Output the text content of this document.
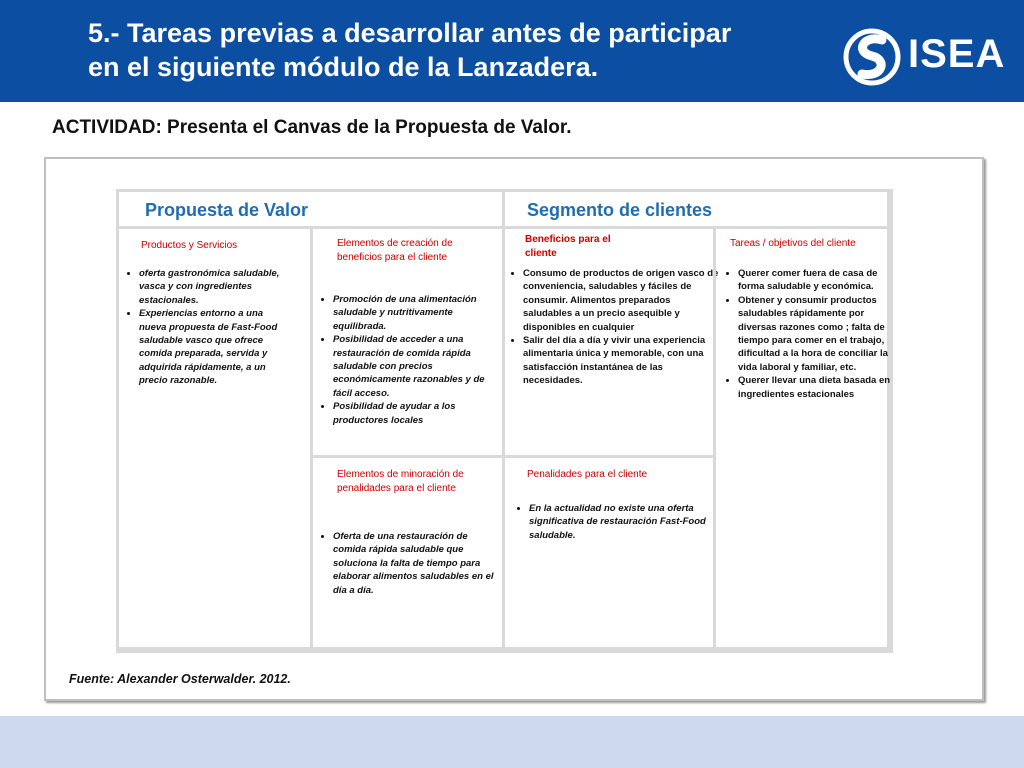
5.- Tareas previas a desarrollar antes de participar
en el siguiente módulo de la Lanzadera.	ISEA
ACTIVIDAD: Presenta el Canvas de la Propuesta de Valor.
Propuesta de Valor	Segmento de clientes
Productos y Servicios
• oferta gastronómica saludable, vasca y con ingredientes estacionales.
• Experiencias entorno a una nueva propuesta de Fast-Food saludable vasco que ofrece comida preparada, servida y adquirida rápidamente, a un precio razonable.
Elementos de creación de beneficios para el cliente
• Promoción de una alimentación saludable y nutritivamente equilibrada.
• Posibilidad de acceder a una restauración de comida rápida saludable con precios económicamente razonables y de fácil acceso.
• Posibilidad de ayudar a los productores locales
Elementos de minoración de penalidades para el cliente
• Oferta de una restauración de comida rápida saludable que soluciona la falta de tiempo para elaborar alimentos saludables en el día a día.
Beneficios para el cliente
• Consumo de productos de origen vasco de conveniencia, saludables y fáciles de consumir. Alimentos preparados saludables a un precio asequible y disponibles en cualquier
• Salir del día a día y vivir una experiencia alimentaria única y memorable, con una satisfacción instantánea de las necesidades.
Penalidades para el cliente
• En la actualidad no existe una oferta significativa de restauración Fast-Food saludable.
Tareas / objetivos del cliente
• Querer comer fuera de casa de forma saludable y económica.
• Obtener y consumir productos saludables rápidamente por diversas razones como ; falta de tiempo para comer en el trabajo, dificultad a la hora de conciliar la vida laboral y familiar, etc.
• Querer llevar una dieta basada en ingredientes estacionales
Fuente: Alexander Osterwalder. 2012.
